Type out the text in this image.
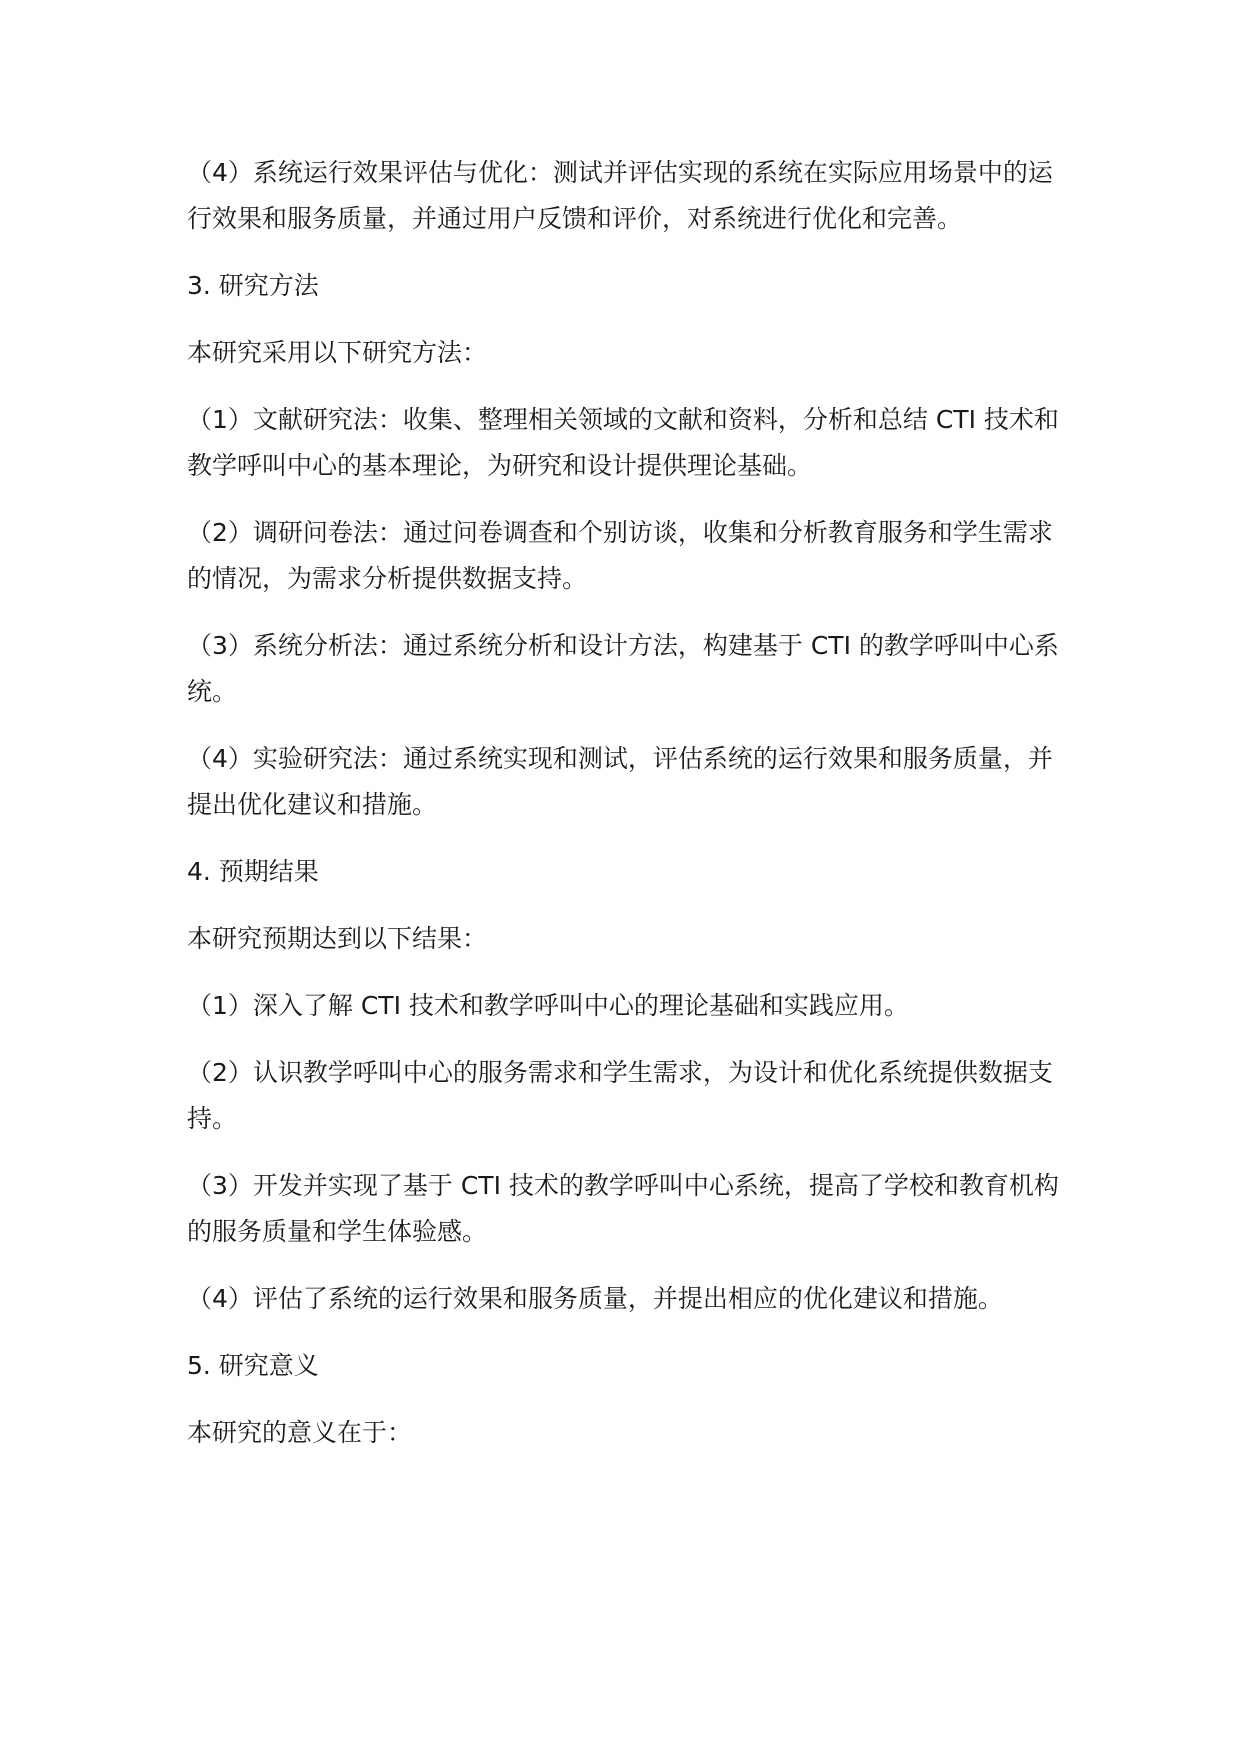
（4）系统运行效果评估与优化：测试并评估实现的系统在实际应用场景中的运行效果和服务质量，并通过用户反馈和评价，对系统进行优化和完善。

3. 研究方法

本研究采用以下研究方法：

（1）文献研究法：收集、整理相关领域的文献和资料，分析和总结 CTI 技术和教学呼叫中心的基本理论，为研究和设计提供理论基础。

（2）调研问卷法：通过问卷调查和个别访谈，收集和分析教育服务和学生需求的情况，为需求分析提供数据支持。

（3）系统分析法：通过系统分析和设计方法，构建基于 CTI 的教学呼叫中心系统。

（4）实验研究法：通过系统实现和测试，评估系统的运行效果和服务质量，并提出优化建议和措施。

4. 预期结果

本研究预期达到以下结果：

（1）深入了解 CTI 技术和教学呼叫中心的理论基础和实践应用。

（2）认识教学呼叫中心的服务需求和学生需求，为设计和优化系统提供数据支持。

（3）开发并实现了基于 CTI 技术的教学呼叫中心系统，提高了学校和教育机构的服务质量和学生体验感。

（4）评估了系统的运行效果和服务质量，并提出相应的优化建议和措施。

5. 研究意义

本研究的意义在于：
